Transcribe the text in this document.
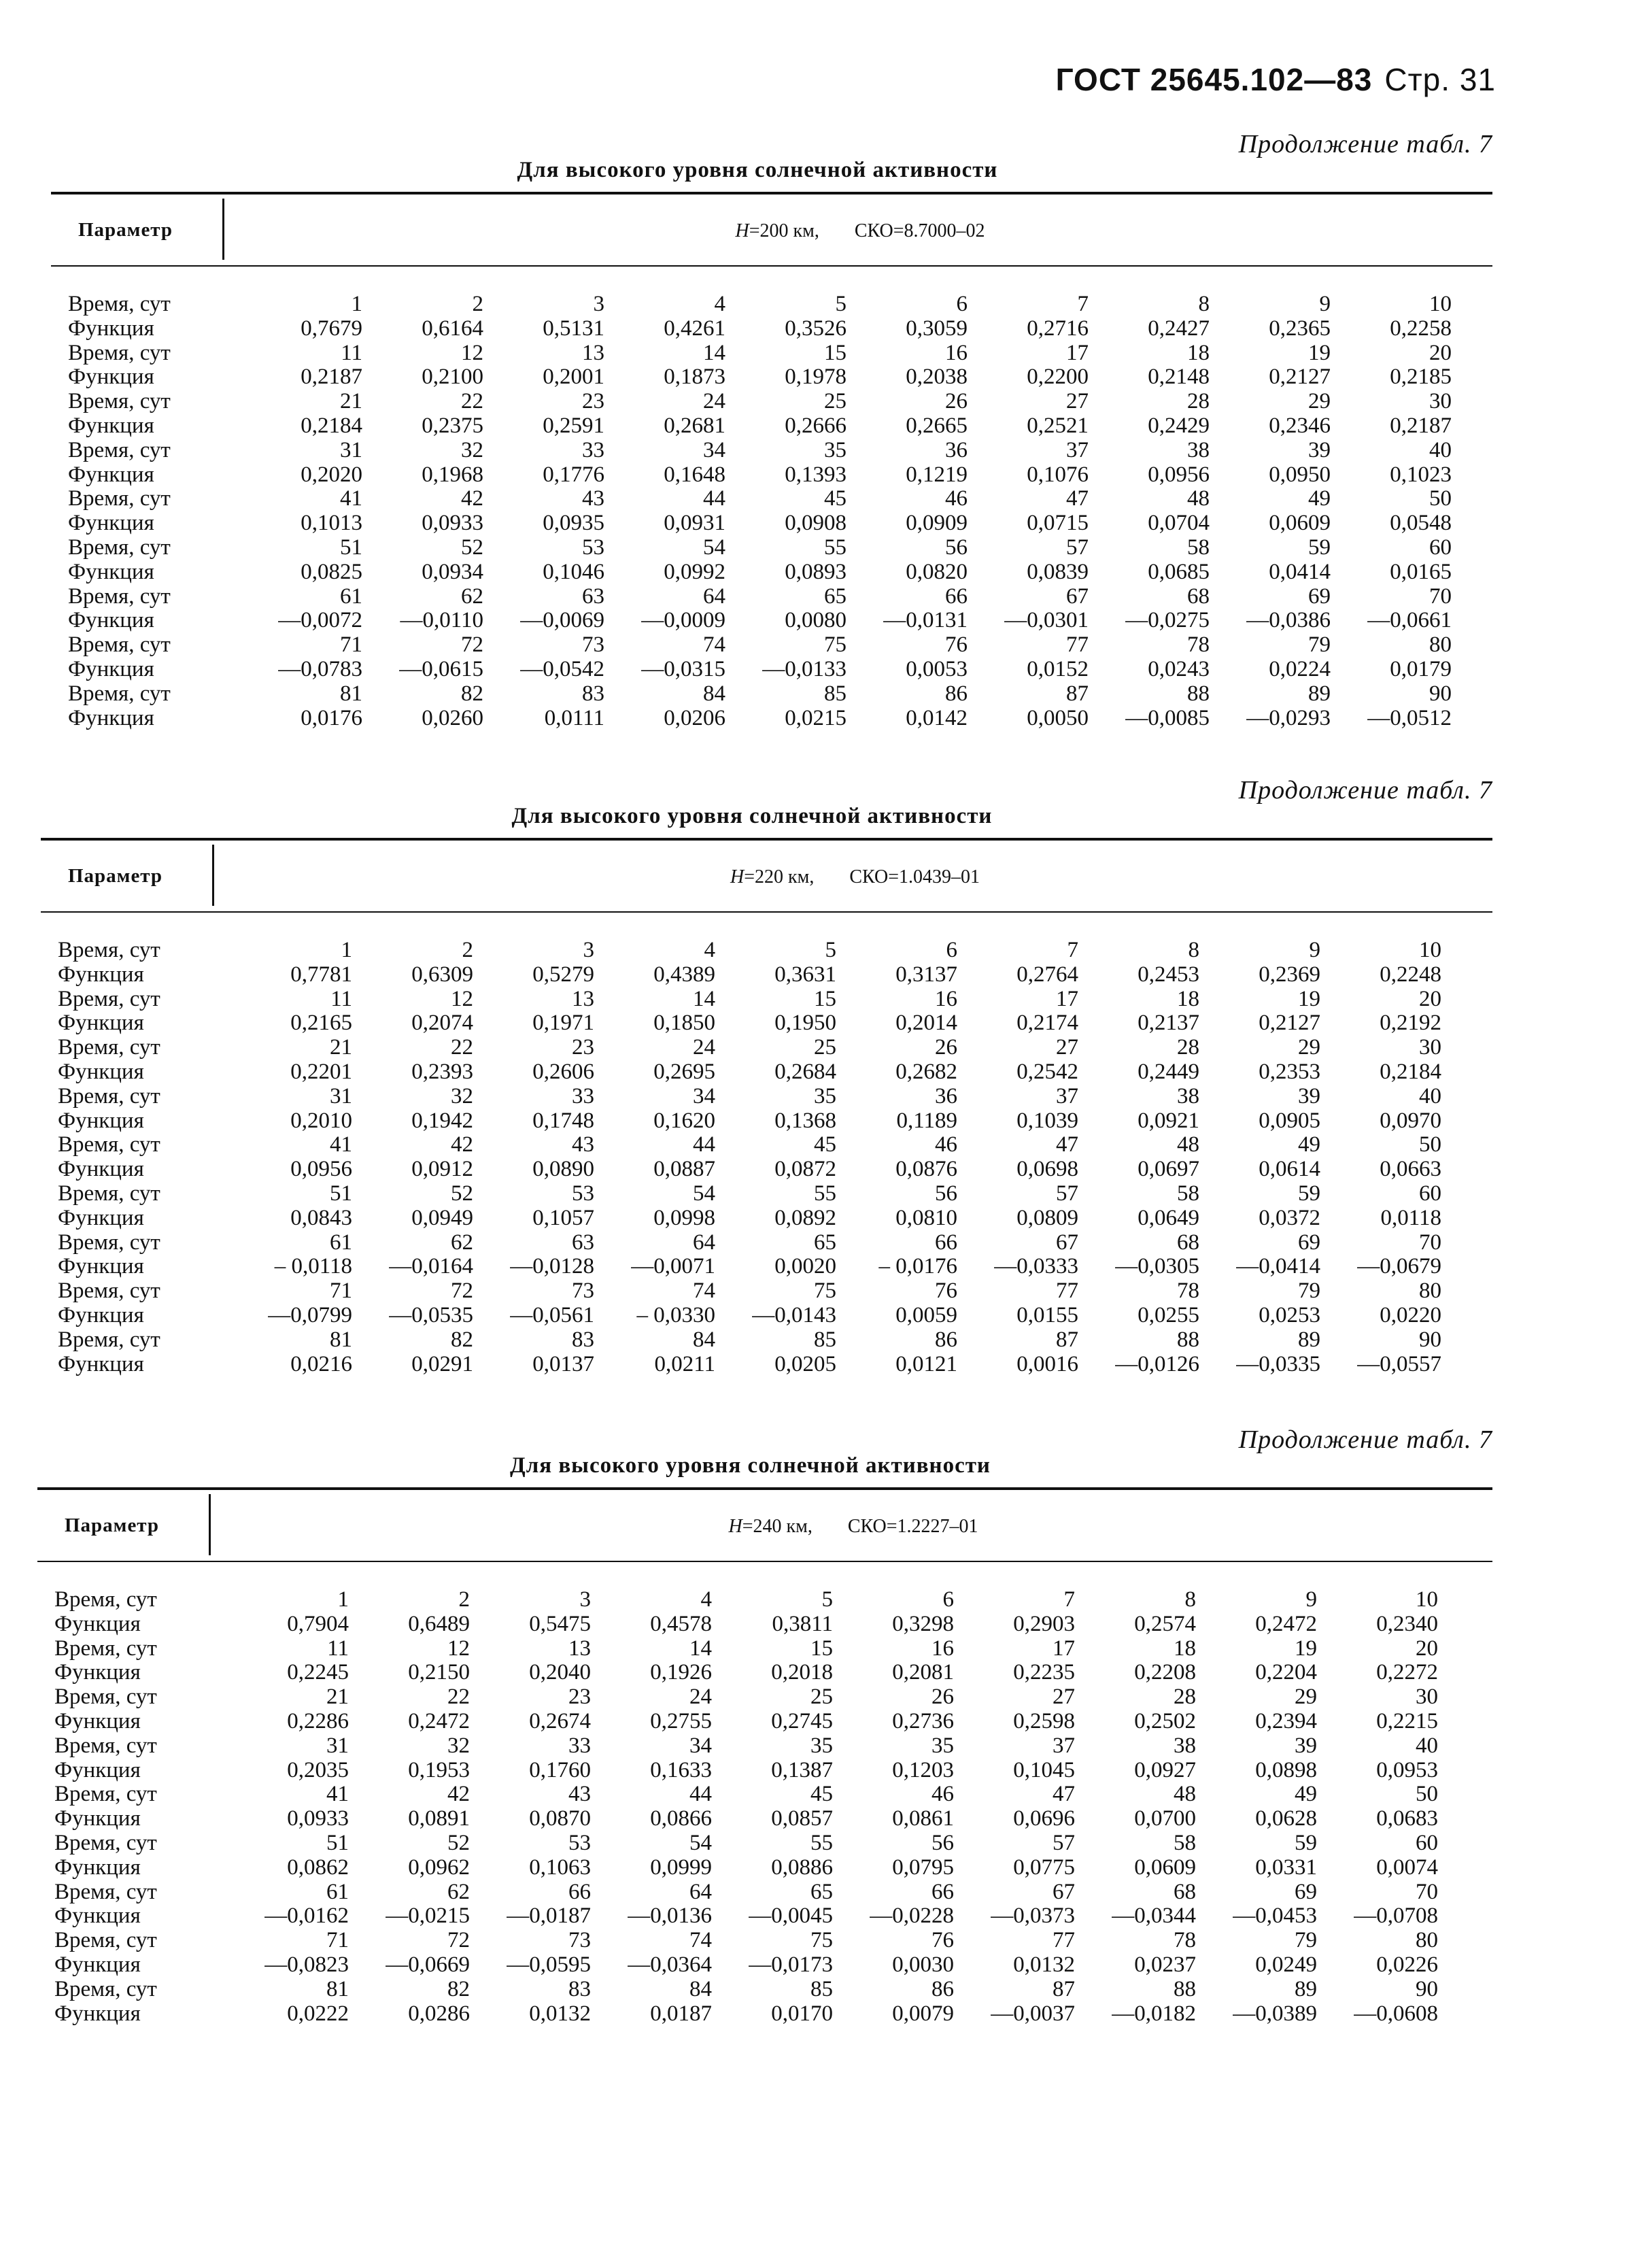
ГОСТ 25645.102—83 Стр. 31
Продолжение табл. 7
Для высокого уровня солнечной активности
Параметр	H=200 км, СКО=8.7000–02
Время, сут	1	2	3	4	5	6	7	8	9	10
Функция	0,7679	0,6164	0,5131	0,4261	0,3526	0,3059	0,2716	0,2427	0,2365	0,2258
Время, сут	11	12	13	14	15	16	17	18	19	20
Функция	0,2187	0,2100	0,2001	0,1873	0,1978	0,2038	0,2200	0,2148	0,2127	0,2185
Время, сут	21	22	23	24	25	26	27	28	29	30
Функция	0,2184	0,2375	0,2591	0,2681	0,2666	0,2665	0,2521	0,2429	0,2346	0,2187
Время, сут	31	32	33	34	35	36	37	38	39	40
Функция	0,2020	0,1968	0,1776	0,1648	0,1393	0,1219	0,1076	0,0956	0,0950	0,1023
Время, сут	41	42	43	44	45	46	47	48	49	50
Функция	0,1013	0,0933	0,0935	0,0931	0,0908	0,0909	0,0715	0,0704	0,0609	0,0548
Время, сут	51	52	53	54	55	56	57	58	59	60
Функция	0,0825	0,0934	0,1046	0,0992	0,0893	0,0820	0,0839	0,0685	0,0414	0,0165
Время, сут	61	62	63	64	65	66	67	68	69	70
Функция	—0,0072	—0,0110	—0,0069	—0,0009	0,0080	—0,0131	—0,0301	—0,0275	—0,0386	—0,0661
Время, сут	71	72	73	74	75	76	77	78	79	80
Функция	—0,0783	—0,0615	—0,0542	—0,0315	—0,0133	0,0053	0,0152	0,0243	0,0224	0,0179
Время, сут	81	82	83	84	85	86	87	88	89	90
Функция	0,0176	0,0260	0,0111	0,0206	0,0215	0,0142	0,0050	—0,0085	—0,0293	—0,0512
Продолжение табл. 7
Для высокого уровня солнечной активности
Параметр	H=220 км, СКО=1.0439–01
Время, сут	1	2	3	4	5	6	7	8	9	10
Функция	0,7781	0,6309	0,5279	0,4389	0,3631	0,3137	0,2764	0,2453	0,2369	0,2248
Время, сут	11	12	13	14	15	16	17	18	19	20
Функция	0,2165	0,2074	0,1971	0,1850	0,1950	0,2014	0,2174	0,2137	0,2127	0,2192
Время, сут	21	22	23	24	25	26	27	28	29	30
Функция	0,2201	0,2393	0,2606	0,2695	0,2684	0,2682	0,2542	0,2449	0,2353	0,2184
Время, сут	31	32	33	34	35	36	37	38	39	40
Функция	0,2010	0,1942	0,1748	0,1620	0,1368	0,1189	0,1039	0,0921	0,0905	0,0970
Время, сут	41	42	43	44	45	46	47	48	49	50
Функция	0,0956	0,0912	0,0890	0,0887	0,0872	0,0876	0,0698	0,0697	0,0614	0,0663
Время, сут	51	52	53	54	55	56	57	58	59	60
Функция	0,0843	0,0949	0,1057	0,0998	0,0892	0,0810	0,0809	0,0649	0,0372	0,0118
Время, сут	61	62	63	64	65	66	67	68	69	70
Функция	– 0,0118	—0,0164	—0,0128	—0,0071	0,0020	– 0,0176	—0,0333	—0,0305	—0,0414	—0,0679
Время, сут	71	72	73	74	75	76	77	78	79	80
Функция	—0,0799	—0,0535	—0,0561	– 0,0330	—0,0143	0,0059	0,0155	0,0255	0,0253	0,0220
Время, сут	81	82	83	84	85	86	87	88	89	90
Функция	0,0216	0,0291	0,0137	0,0211	0,0205	0,0121	0,0016	—0,0126	—0,0335	—0,0557
Продолжение табл. 7
Для высокого уровня солнечной активности
Параметр	H=240 км, СКО=1.2227–01
Время, сут	1	2	3	4	5	6	7	8	9	10
Функция	0,7904	0,6489	0,5475	0,4578	0,3811	0,3298	0,2903	0,2574	0,2472	0,2340
Время, сут	11	12	13	14	15	16	17	18	19	20
Функция	0,2245	0,2150	0,2040	0,1926	0,2018	0,2081	0,2235	0,2208	0,2204	0,2272
Время, сут	21	22	23	24	25	26	27	28	29	30
Функция	0,2286	0,2472	0,2674	0,2755	0,2745	0,2736	0,2598	0,2502	0,2394	0,2215
Время, сут	31	32	33	34	35	35	37	38	39	40
Функция	0,2035	0,1953	0,1760	0,1633	0,1387	0,1203	0,1045	0,0927	0,0898	0,0953
Время, сут	41	42	43	44	45	46	47	48	49	50
Функция	0,0933	0,0891	0,0870	0,0866	0,0857	0,0861	0,0696	0,0700	0,0628	0,0683
Время, сут	51	52	53	54	55	56	57	58	59	60
Функция	0,0862	0,0962	0,1063	0,0999	0,0886	0,0795	0,0775	0,0609	0,0331	0,0074
Время, сут	61	62	66	64	65	66	67	68	69	70
Функция	—0,0162	—0,0215	—0,0187	—0,0136	—0,0045	—0,0228	—0,0373	—0,0344	—0,0453	—0,0708
Время, сут	71	72	73	74	75	76	77	78	79	80
Функция	—0,0823	—0,0669	—0,0595	—0,0364	—0,0173	0,0030	0,0132	0,0237	0,0249	0,0226
Время, сут	81	82	83	84	85	86	87	88	89	90
Функция	0,0222	0,0286	0,0132	0,0187	0,0170	0,0079	—0,0037	—0,0182	—0,0389	—0,0608
